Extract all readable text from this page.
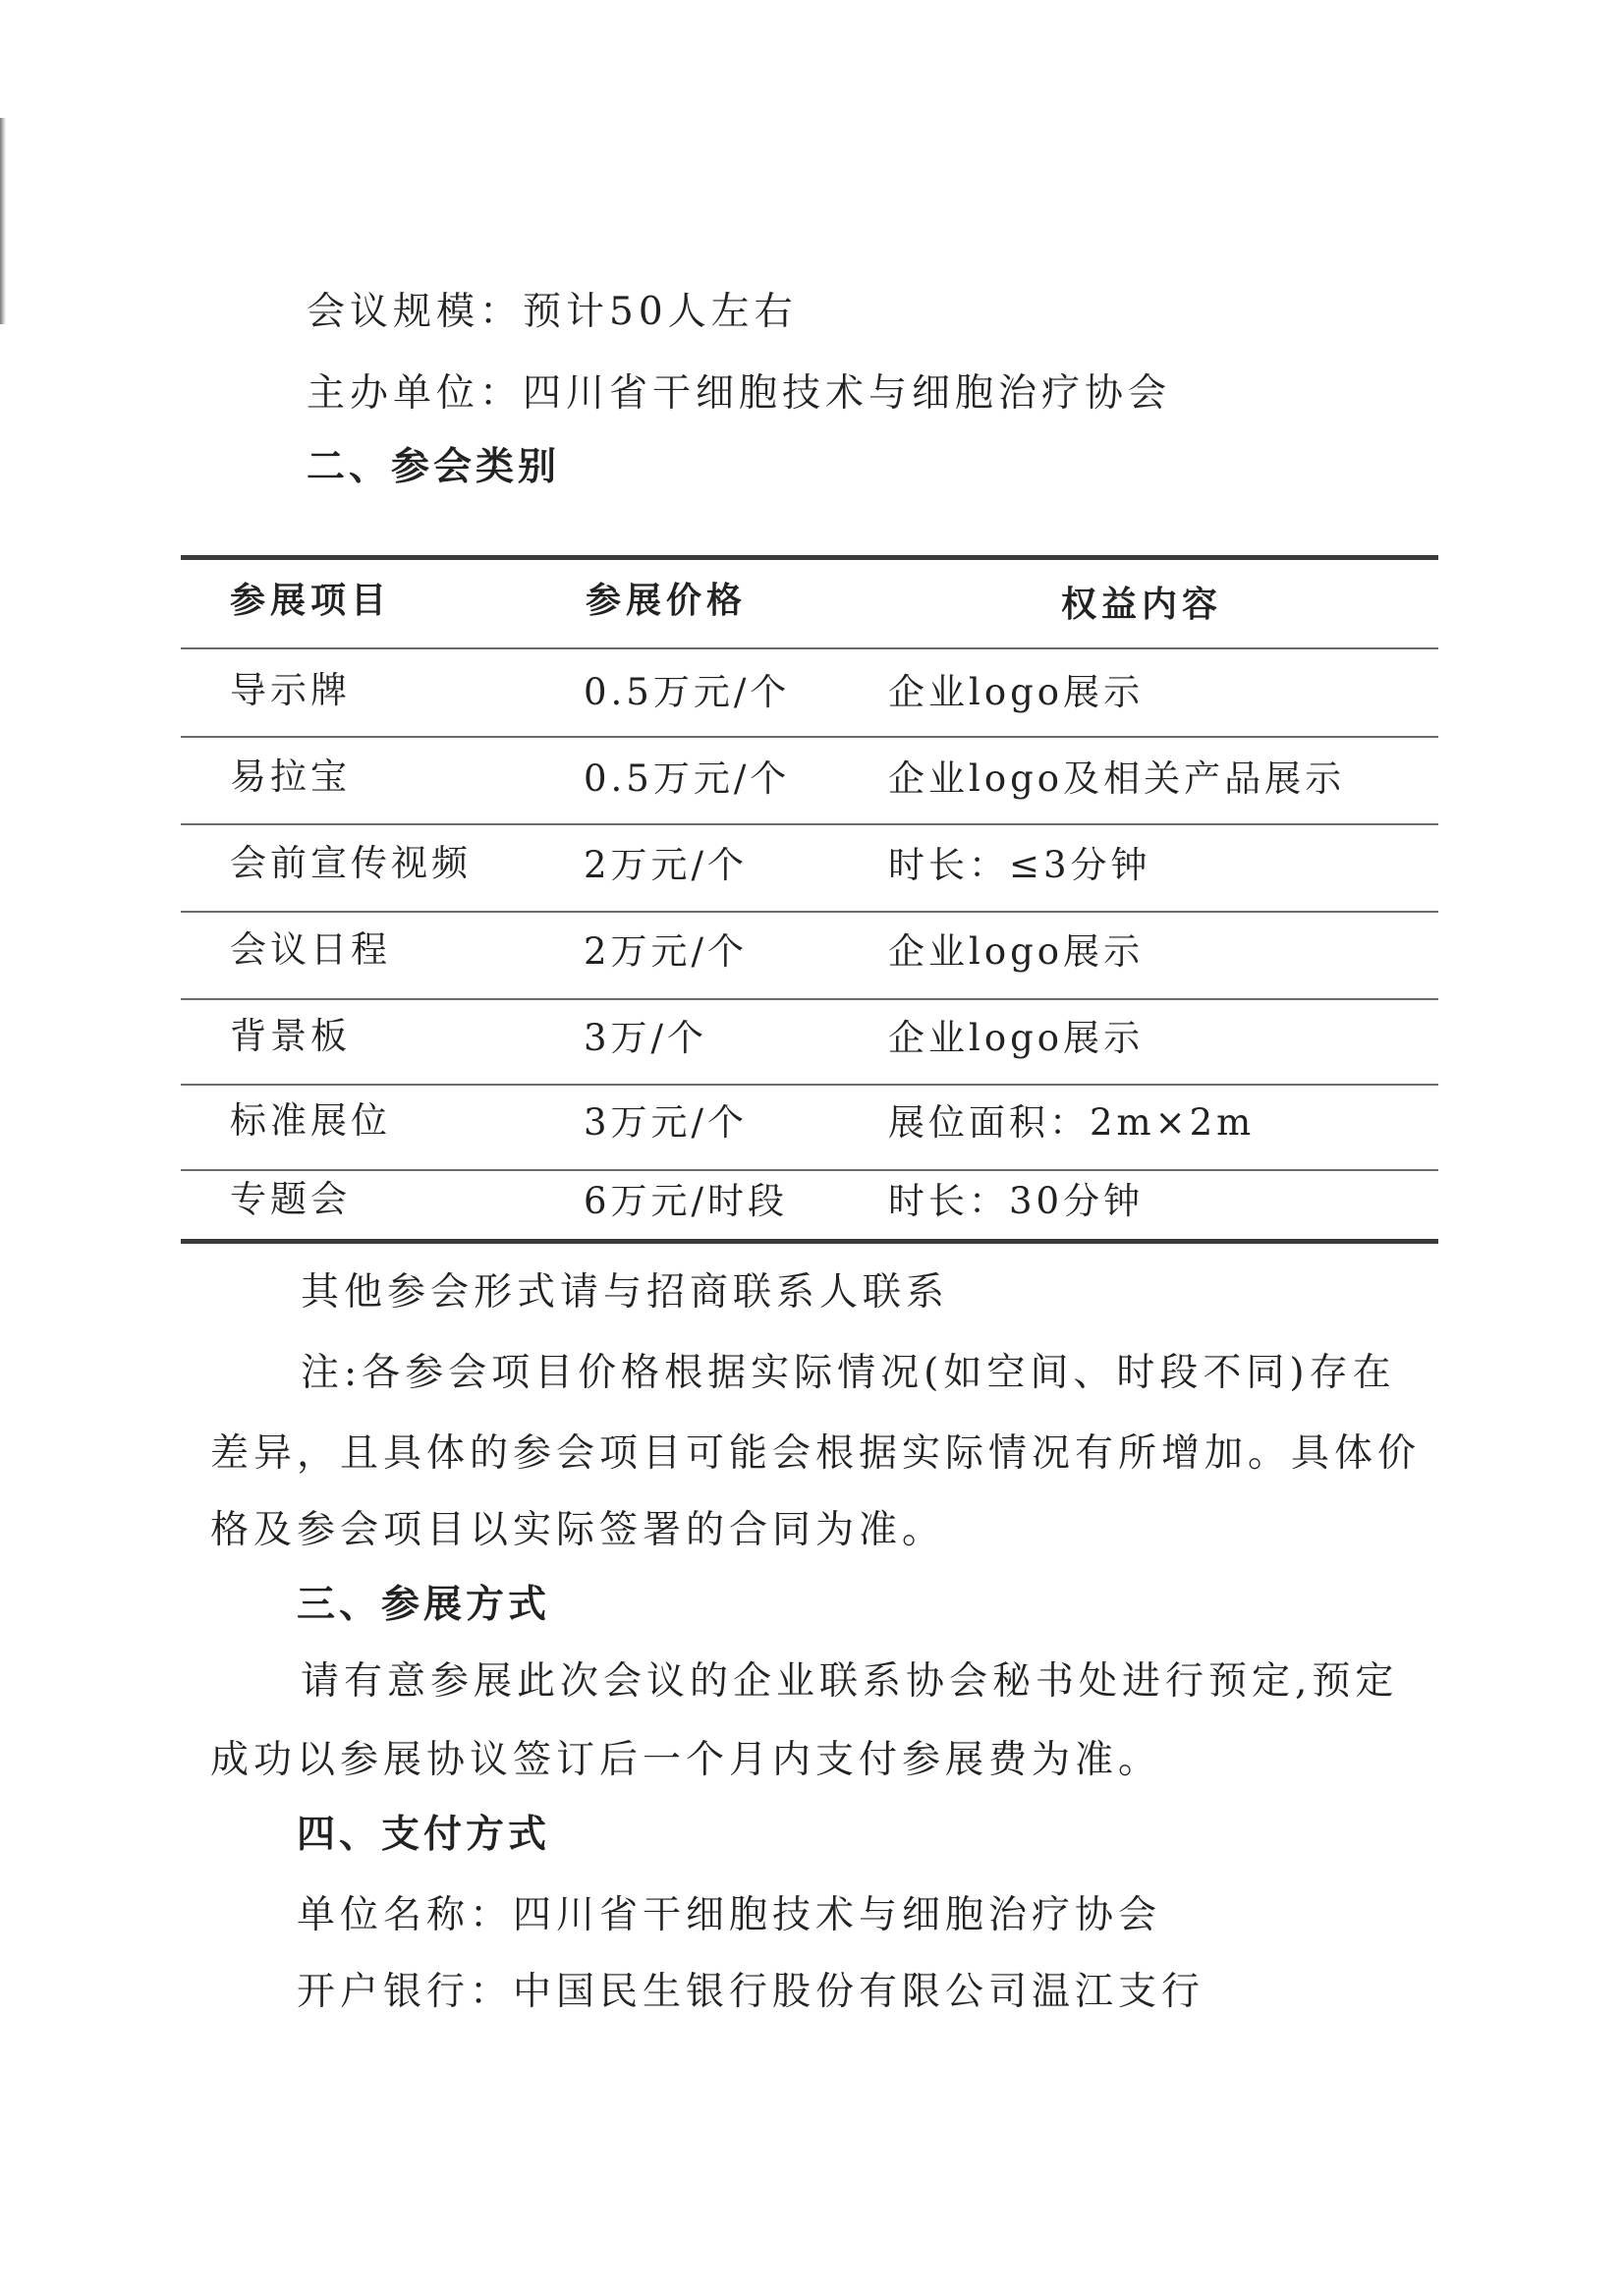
会议规模：预计50人左右
主办单位：四川省干细胞技术与细胞治疗协会
二、参会类别
参展项目	参展价格	权益内容
导示牌	0.5万元/个	企业logo展示
易拉宝	0.5万元/个	企业logo及相关产品展示
会前宣传视频	2万元/个	时长：≤3分钟
会议日程	2万元/个	企业logo展示
背景板	3万/个	企业logo展示
标准展位	3万元/个	展位面积：2m×2m
专题会	6万元/时段	时长：30分钟
其他参会形式请与招商联系人联系
注:各参会项目价格根据实际情况(如空间、时段不同)存在
差异，且具体的参会项目可能会根据实际情况有所增加。具体价
格及参会项目以实际签署的合同为准。
三、参展方式
请有意参展此次会议的企业联系协会秘书处进行预定,预定
成功以参展协议签订后一个月内支付参展费为准。
四、支付方式
单位名称：四川省干细胞技术与细胞治疗协会
开户银行：中国民生银行股份有限公司温江支行
